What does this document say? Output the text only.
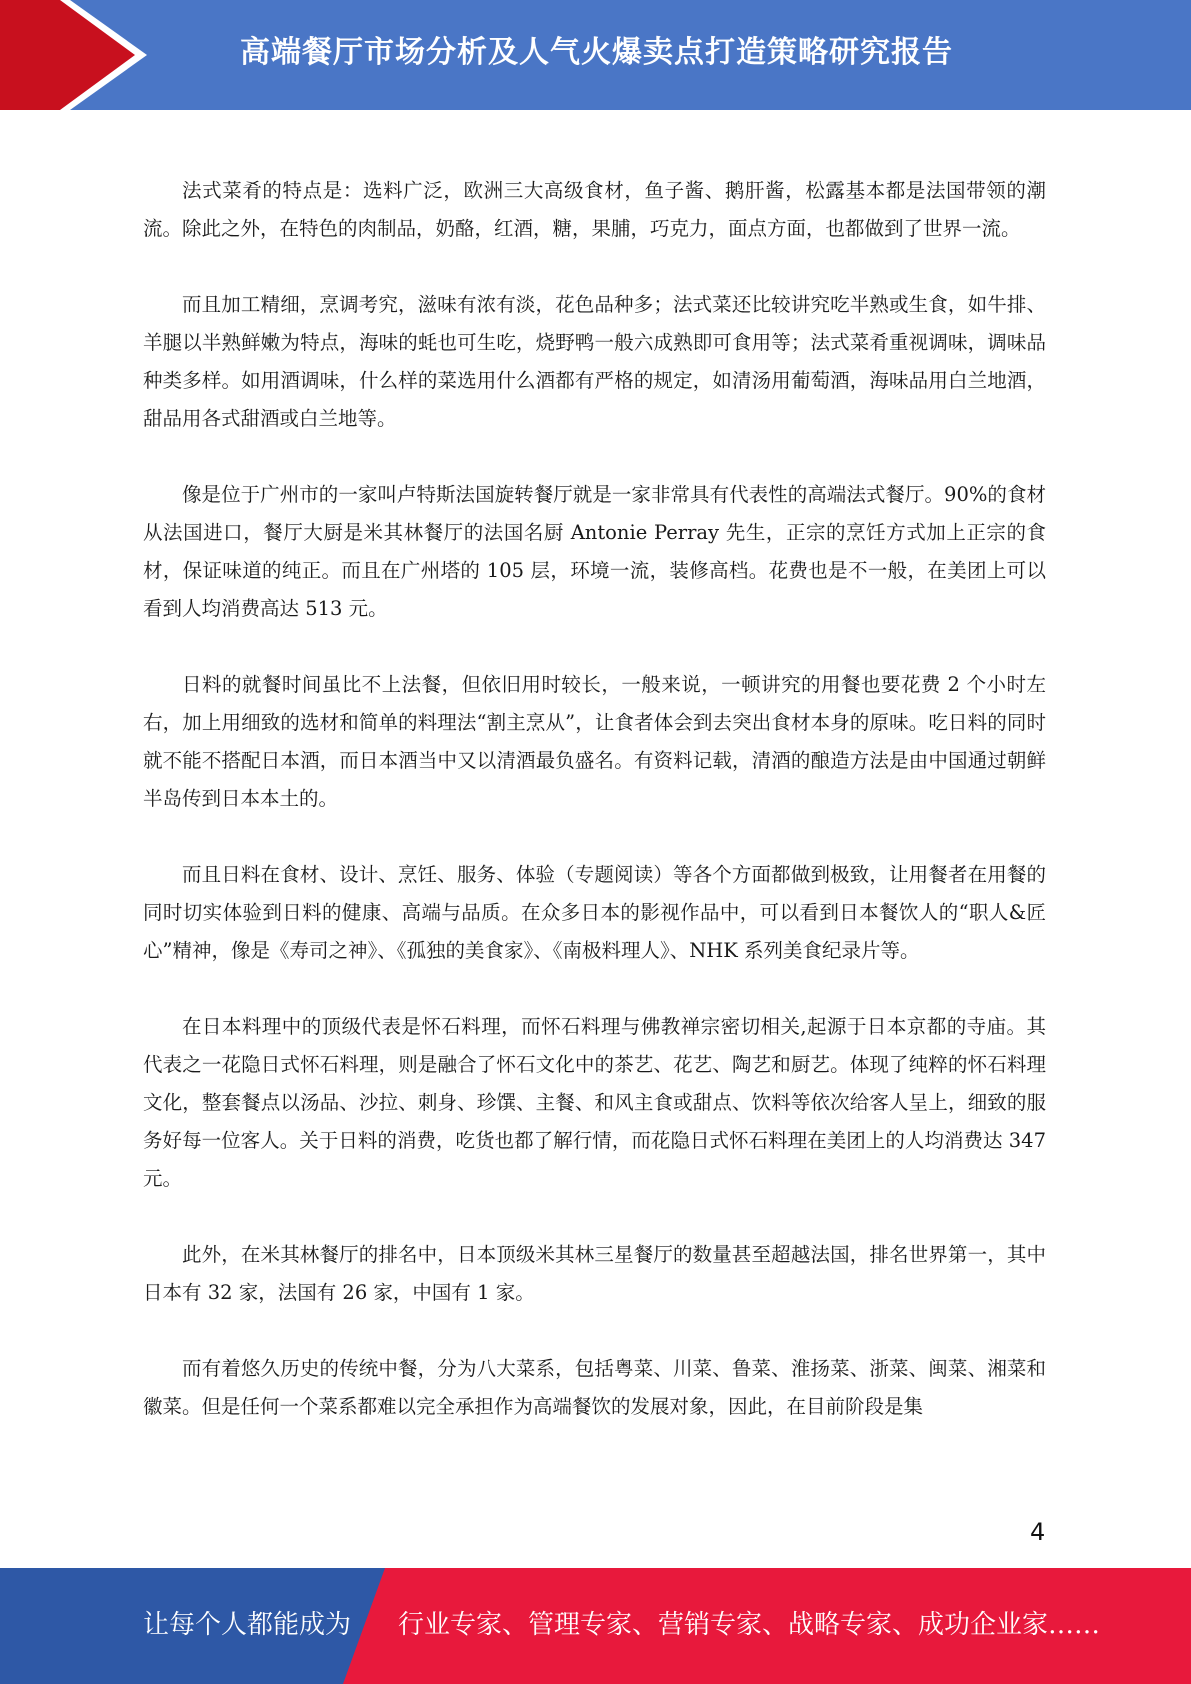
高端餐厅市场分析及人气火爆卖点打造策略研究报告

法式菜肴的特点是：选料广泛，欧洲三大高级食材，鱼子酱、鹅肝酱，松露基本都是法国带领的潮流。除此之外，在特色的肉制品，奶酪，红酒，糖，果脯，巧克力，面点方面，也都做到了世界一流。

而且加工精细，烹调考究，滋味有浓有淡，花色品种多；法式菜还比较讲究吃半熟或生食，如牛排、羊腿以半熟鲜嫩为特点，海味的蚝也可生吃，烧野鸭一般六成熟即可食用等；法式菜肴重视调味，调味品种类多样。如用酒调味，什么样的菜选用什么酒都有严格的规定，如清汤用葡萄酒，海味品用白兰地酒，甜品用各式甜酒或白兰地等。

像是位于广州市的一家叫卢特斯法国旋转餐厅就是一家非常具有代表性的高端法式餐厅。90%的食材从法国进口，餐厅大厨是米其林餐厅的法国名厨 Antonie Perray 先生，正宗的烹饪方式加上正宗的食材，保证味道的纯正。而且在广州塔的 105 层，环境一流，装修高档。花费也是不一般，在美团上可以看到人均消费高达 513 元。

日料的就餐时间虽比不上法餐，但依旧用时较长，一般来说，一顿讲究的用餐也要花费 2 个小时左右，加上用细致的选材和简单的料理法“割主烹从”，让食者体会到去突出食材本身的原味。吃日料的同时就不能不搭配日本酒，而日本酒当中又以清酒最负盛名。有资料记载，清酒的酿造方法是由中国通过朝鲜半岛传到日本本土的。

而且日料在食材、设计、烹饪、服务、体验（专题阅读）等各个方面都做到极致，让用餐者在用餐的同时切实体验到日料的健康、高端与品质。在众多日本的影视作品中，可以看到日本餐饮人的“职人&匠心”精神，像是《寿司之神》、《孤独的美食家》、《南极料理人》、NHK 系列美食纪录片等。

在日本料理中的顶级代表是怀石料理，而怀石料理与佛教禅宗密切相关,起源于日本京都的寺庙。其代表之一花隐日式怀石料理，则是融合了怀石文化中的茶艺、花艺、陶艺和厨艺。体现了纯粹的怀石料理文化，整套餐点以汤品、沙拉、刺身、珍馔、主餐、和风主食或甜点、饮料等依次给客人呈上，细致的服务好每一位客人。关于日料的消费，吃货也都了解行情，而花隐日式怀石料理在美团上的人均消费达 347 元。

此外，在米其林餐厅的排名中，日本顶级米其林三星餐厅的数量甚至超越法国，排名世界第一，其中日本有 32 家，法国有 26 家，中国有 1 家。

而有着悠久历史的传统中餐，分为八大菜系，包括粤菜、川菜、鲁菜、淮扬菜、浙菜、闽菜、湘菜和徽菜。但是任何一个菜系都难以完全承担作为高端餐饮的发展对象，因此，在目前阶段是集

4
让每个人都能成为 行业专家、管理专家、营销专家、战略专家、成功企业家……
